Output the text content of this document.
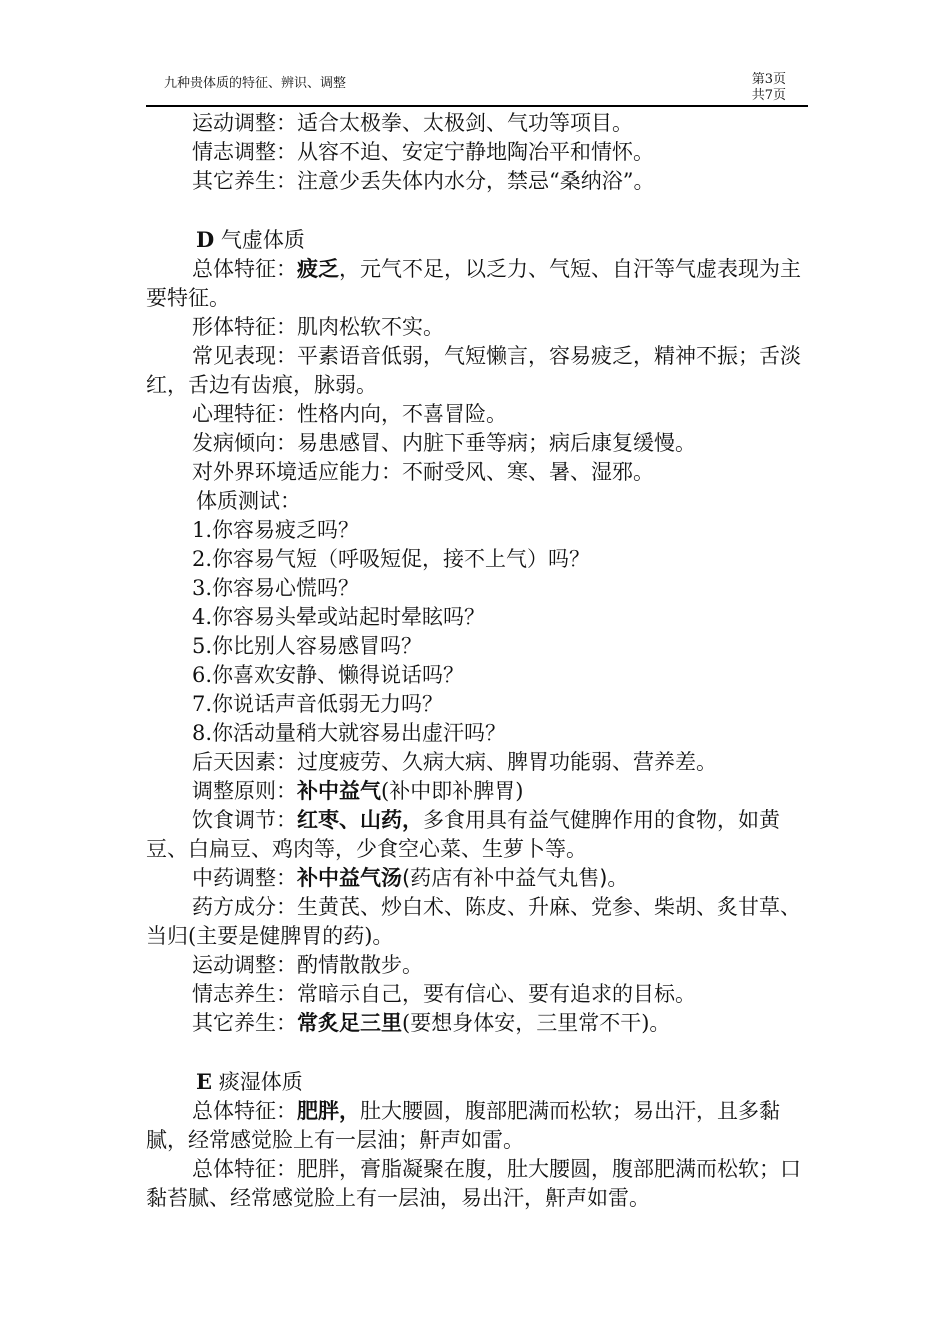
九种贵体质的特征、辨识、调整	第3页
共7页

运动调整：适合太极拳、太极剑、气功等项目。

情志调整：从容不迫、安定宁静地陶冶平和情怀。

其它养生：注意少丢失体内水分，禁忌“桑纳浴”。

D 气虚体质

总体特征：疲乏，元气不足，以乏力、气短、自汗等气虚表现为主要特征。

形体特征：肌肉松软不实。

常见表现：平素语音低弱，气短懒言，容易疲乏，精神不振；舌淡红，舌边有齿痕，脉弱。

心理特征：性格内向，不喜冒险。

发病倾向：易患感冒、内脏下垂等病；病后康复缓慢。

对外界环境适应能力：不耐受风、寒、暑、湿邪。

体质测试：

1.你容易疲乏吗？

2.你容易气短（呼吸短促，接不上气）吗？

3.你容易心慌吗？

4.你容易头晕或站起时晕眩吗？

5.你比别人容易感冒吗？

6.你喜欢安静、懒得说话吗？

7.你说话声音低弱无力吗？

8.你活动量稍大就容易出虚汗吗？

后天因素：过度疲劳、久病大病、脾胃功能弱、营养差。

调整原则：补中益气(补中即补脾胃)

饮食调节：红枣、山药，多食用具有益气健脾作用的食物，如黄豆、白扁豆、鸡肉等，少食空心菜、生萝卜等。

中药调整：补中益气汤(药店有补中益气丸售)。

药方成分：生黄芪、炒白术、陈皮、升麻、党参、柴胡、炙甘草、当归(主要是健脾胃的药)。

运动调整：酌情散散步。

情志养生：常暗示自己，要有信心、要有追求的目标。

其它养生：常炙足三里(要想身体安，三里常不干)。

E 痰湿体质

总体特征：肥胖，肚大腰圆，腹部肥满而松软；易出汗，且多黏腻，经常感觉脸上有一层油；鼾声如雷。

总体特征：肥胖，膏脂凝聚在腹，肚大腰圆，腹部肥满而松软；口黏苔腻、经常感觉脸上有一层油，易出汗，鼾声如雷。
